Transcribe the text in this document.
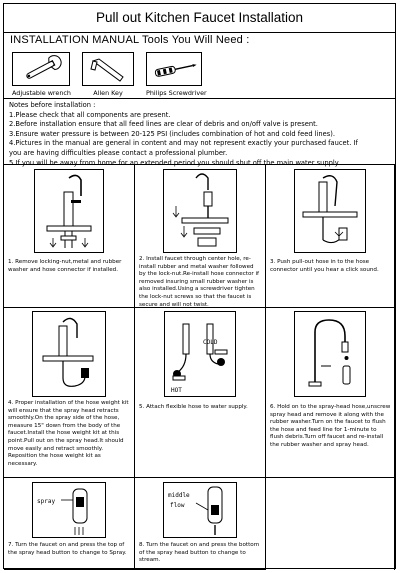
Pull out Kitchen Faucet Installation
INSTALLATION MANUAL Tools You Will Need :
Adjustable wrench	Allen Key	Philips Screwdriver
Notes before installation :
1.Please check that all components are present.
2.Before installation ensure that all feed lines are clear of debris and on/off valve is present.
3.Ensure water pressure is between 20-125 PSI (includes combination of hot and cold feed lines).
4.Pictures in the manual are general in content and may not represent exactly your purchased faucet. If
you are having difficulties please contact a professional plumber.
5.If you will be away from home for an extended period you should shut off the main water supply.
1. Remove locking-nut,metal and rubber washer and hose connector if installed.
2. Install faucet through center hole, re-install rubber and metal washer followed by the lock-nut.Re-install hose connector if removed insuring small rubber washer is also installed.Using a screwdriver tighten the lock-nut screws so that the faucet is secure and will not twist.
3. Push pull-out hose in to the hose connector until you hear a click sound.
4. Proper installation of the hose weight kit will ensure that the spray head retracts smoothly.On the spray side of the hose, measure 15" down from the body of the faucet.Install the hose weight kit at this point.Pull out on the spray head.It should move easily and retract smoothly. Reposition the hose weight kit as necessary.
COLD
HOT
5. Attach flexible hose to water supply.	6. Hold on to the spray-head hose,unscrew spray head and remove it along with the rubber washer.Turn on the faucet to flush the hose and feed line for 1-minute to flush debris.Turn off faucet and re-install the rubber washer and spray head.
spray
7. Turn the faucet on and press the top of the spray head button to change to Spray.
middle
flow
8. Turn the faucet on and press the bottom of the spray head button to change to stream.
